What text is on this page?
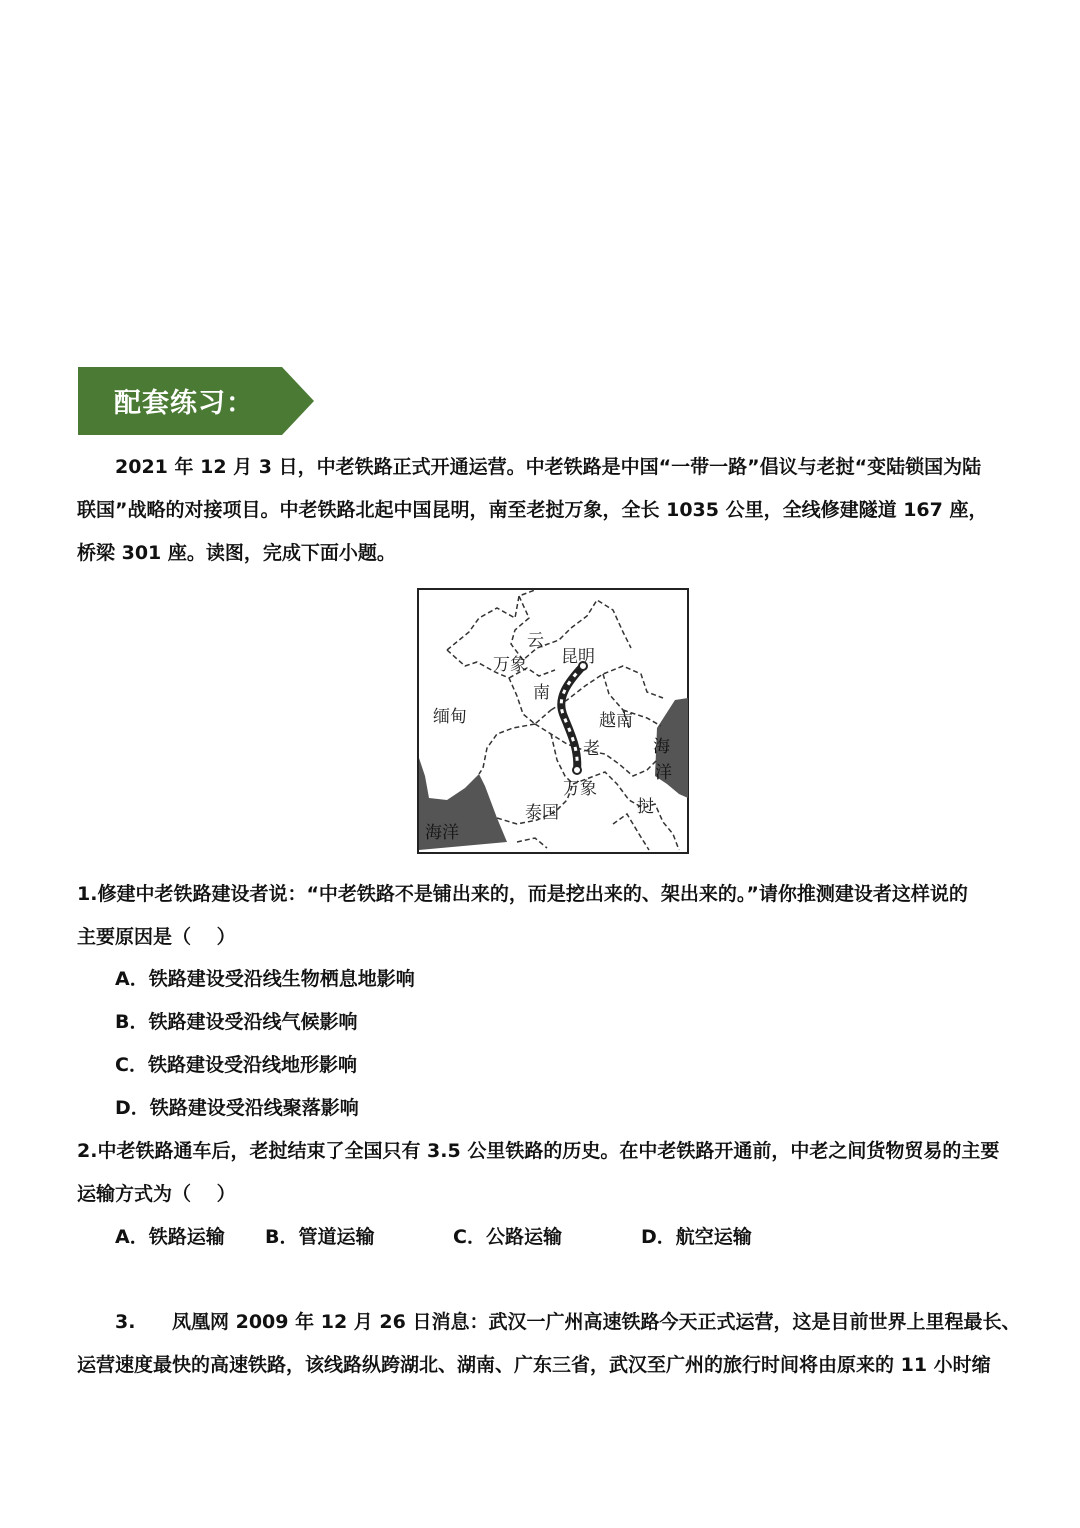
配套练习：
2021 年 12 月 3 日，中老铁路正式开通运营。中老铁路是中国“一带一路”倡议与老挝“变陆锁国为陆
联国”战略的对接项目。中老铁路北起中国昆明，南至老挝万象，全长 1035 公里，全线修建隧道 167 座，
桥梁 301 座。读图，完成下面小题。
云
万象 昆明
南
缅甸	越南
老
万象
泰国	挝
海
洋
海洋
1.修建中老铁路建设者说：“中老铁路不是铺出来的，而是挖出来的、架出来的。”请你推测建设者这样说的
主要原因是（　 ）
A．铁路建设受沿线生物栖息地影响
B．铁路建设受沿线气候影响
C．铁路建设受沿线地形影响
D．铁路建设受沿线聚落影响
2.中老铁路通车后，老挝结束了全国只有 3.5 公里铁路的历史。在中老铁路开通前，中老之间货物贸易的主要
运输方式为（　 ）
A．铁路运输 B．管道运输	C．公路运输	D．航空运输
3. 凤凰网 2009 年 12 月 26 日消息：武汉一广州高速铁路今天正式运营，这是目前世界上里程最长、
运营速度最快的高速铁路，该线路纵跨湖北、湖南、广东三省，武汉至广州的旅行时间将由原来的 11 小时缩
